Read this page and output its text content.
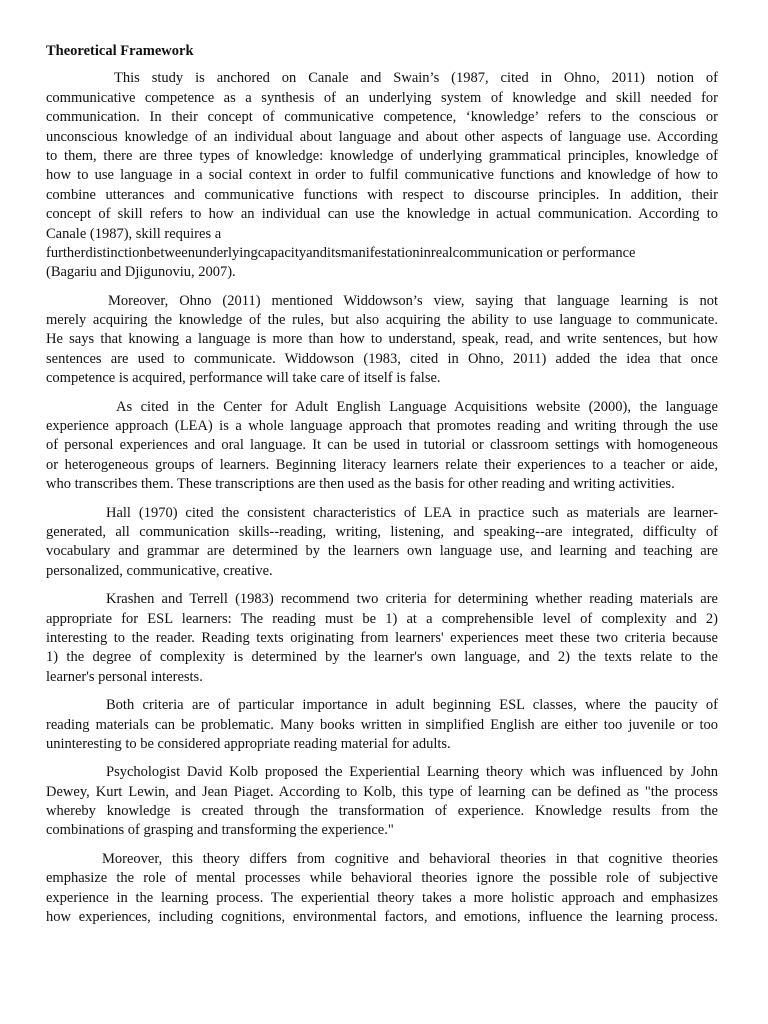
Theoretical Framework
This study is anchored on Canale and Swain’s (1987, cited in Ohno, 2011) notion of
communicative competence as a synthesis of an underlying system of knowledge and skill needed for
communication. In their concept of communicative competence, ‘knowledge’ refers to the conscious or
unconscious knowledge of an individual about language and about other aspects of language use. According
to them, there are three types of knowledge: knowledge of underlying grammatical principles, knowledge of
how to use language in a social context in order to fulfil communicative functions and knowledge of how to
combine utterances and communicative functions with respect to discourse principles. In addition, their
concept of skill refers to how an individual can use the knowledge in actual communication. According to
Canale (1987), skill requires a
furtherdistinctionbetweenunderlyingcapacityanditsmanifestationinrealcommunication or performance
(Bagariu and Djigunoviu, 2007).
Moreover, Ohno (2011) mentioned Widdowson’s view, saying that language learning is not
merely acquiring the knowledge of the rules, but also acquiring the ability to use language to communicate.
He says that knowing a language is more than how to understand, speak, read, and write sentences, but how
sentences are used to communicate. Widdowson (1983, cited in Ohno, 2011) added the idea that once
competence is acquired, performance will take care of itself is false.
As cited in the Center for Adult English Language Acquisitions website (2000), the language
experience approach (LEA) is a whole language approach that promotes reading and writing through the use
of personal experiences and oral language. It can be used in tutorial or classroom settings with homogeneous
or heterogeneous groups of learners. Beginning literacy learners relate their experiences to a teacher or aide,
who transcribes them. These transcriptions are then used as the basis for other reading and writing activities.
Hall (1970) cited the consistent characteristics of LEA in practice such as materials are learner-
generated, all communication skills--reading, writing, listening, and speaking--are integrated, difficulty of
vocabulary and grammar are determined by the learners own language use, and learning and teaching are
personalized, communicative, creative.
Krashen and Terrell (1983) recommend two criteria for determining whether reading materials are
appropriate for ESL learners: The reading must be 1) at a comprehensible level of complexity and 2)
interesting to the reader. Reading texts originating from learners' experiences meet these two criteria because
1) the degree of complexity is determined by the learner's own language, and 2) the texts relate to the
learner's personal interests.
Both criteria are of particular importance in adult beginning ESL classes, where the paucity of
reading materials can be problematic. Many books written in simplified English are either too juvenile or too
uninteresting to be considered appropriate reading material for adults.
Psychologist David Kolb proposed the Experiential Learning theory which was influenced by John
Dewey, Kurt Lewin, and Jean Piaget. According to Kolb, this type of learning can be defined as "the process
whereby knowledge is created through the transformation of experience. Knowledge results from the
combinations of grasping and transforming the experience."
Moreover, this theory differs from cognitive and behavioral theories in that cognitive theories
emphasize the role of mental processes while behavioral theories ignore the possible role of subjective
experience in the learning process. The experiential theory takes a more holistic approach and emphasizes
how experiences, including cognitions, environmental factors, and emotions, influence the learning process.
